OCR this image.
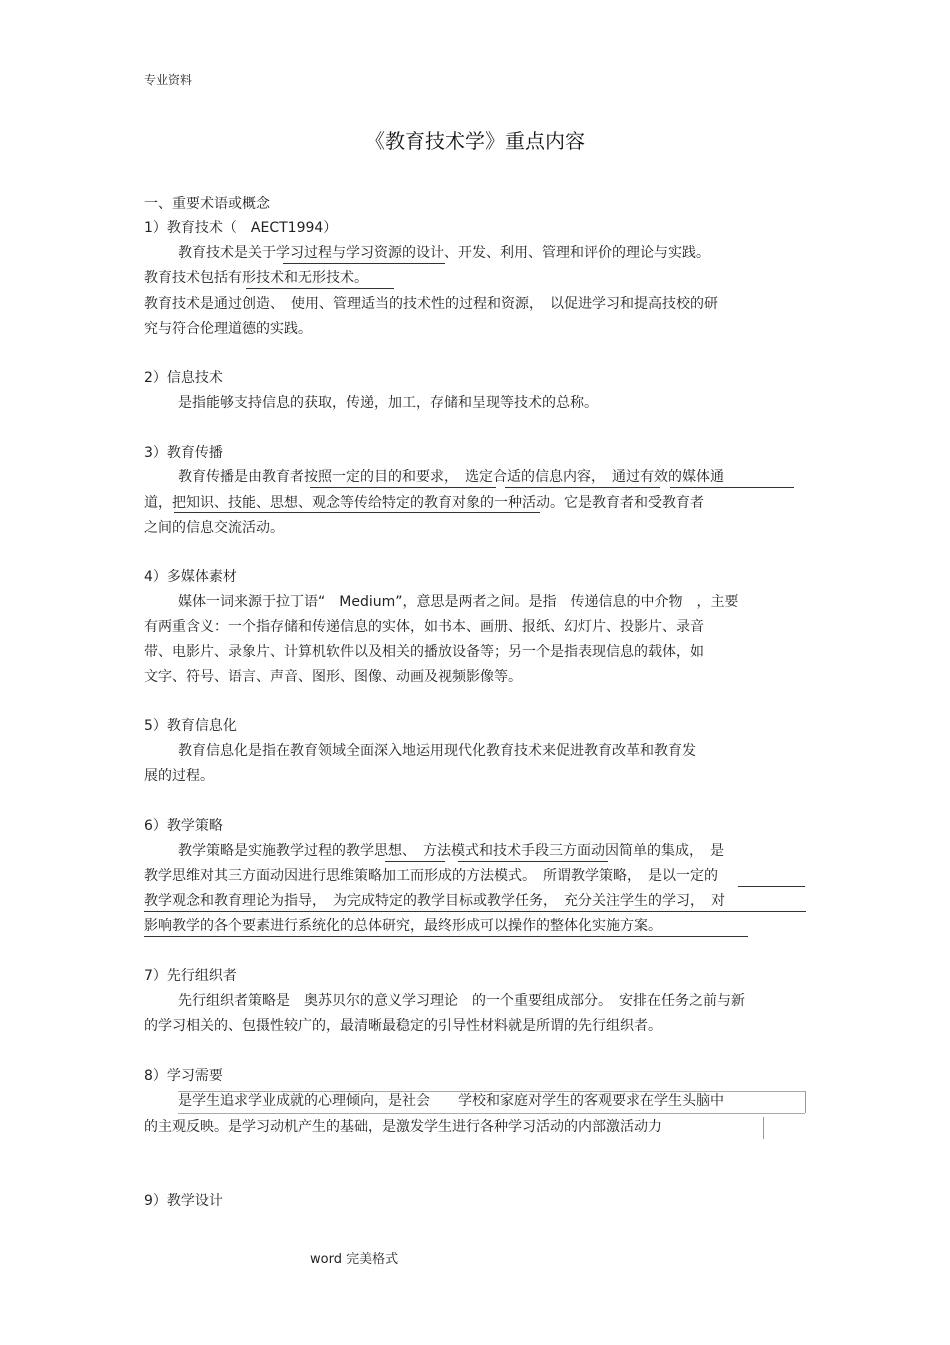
专业资料
《教育技术学》重点内容
一、重要术语或概念
1）教育技术（　AECT1994）
教育技术是关于学习过程与学习资源的设计、开发、利用、管理和评价的理论与实践。
教育技术包括有形技术和无形技术。
教育技术是通过创造、　使用、管理适当的技术性的过程和资源，　以促进学习和提高技校的研
究与符合伦理道德的实践。
2）信息技术
是指能够支持信息的获取，传递，加工，存储和呈现等技术的总称。
3）教育传播
教育传播是由教育者按照一定的目的和要求，　选定合适的信息内容，　通过有效的媒体通
道，把知识、技能、思想、观念等传给特定的教育对象的一种活动。它是教育者和受教育者
之间的信息交流活动。
4）多媒体素材
媒体一词来源于拉丁语“　Medium”，意思是两者之间。是指　传递信息的中介物　，主要
有两重含义：一个指存储和传递信息的实体，如书本、画册、报纸、幻灯片、投影片、录音
带、电影片、录象片、计算机软件以及相关的播放设备等；另一个是指表现信息的载体，如
文字、符号、语言、声音、图形、图像、动画及视频影像等。
5）教育信息化
教育信息化是指在教育领域全面深入地运用现代化教育技术来促进教育改革和教育发
展的过程。
6）教学策略
教学策略是实施教学过程的教学思想、　方法模式和技术手段三方面动因简单的集成，　是
教学思维对其三方面动因进行思维策略加工而形成的方法模式。　所谓教学策略，　是以一定的
教学观念和教育理论为指导，　为完成特定的教学目标或教学任务，　充分关注学生的学习，　对
影响教学的各个要素进行系统化的总体研究，最终形成可以操作的整体化实施方案。
7）先行组织者
先行组织者策略是　奥苏贝尔的意义学习理论　的一个重要组成部分。　安排在任务之前与新
的学习相关的、包摄性较广的，最清晰最稳定的引导性材料就是所谓的先行组织者。
8）学习需要
是学生追求学业成就的心理倾向，是社会　　学校和家庭对学生的客观要求在学生头脑中
的主观反映。是学习动机产生的基础，是激发学生进行各种学习活动的内部激活动力
9）教学设计
word 完美格式
